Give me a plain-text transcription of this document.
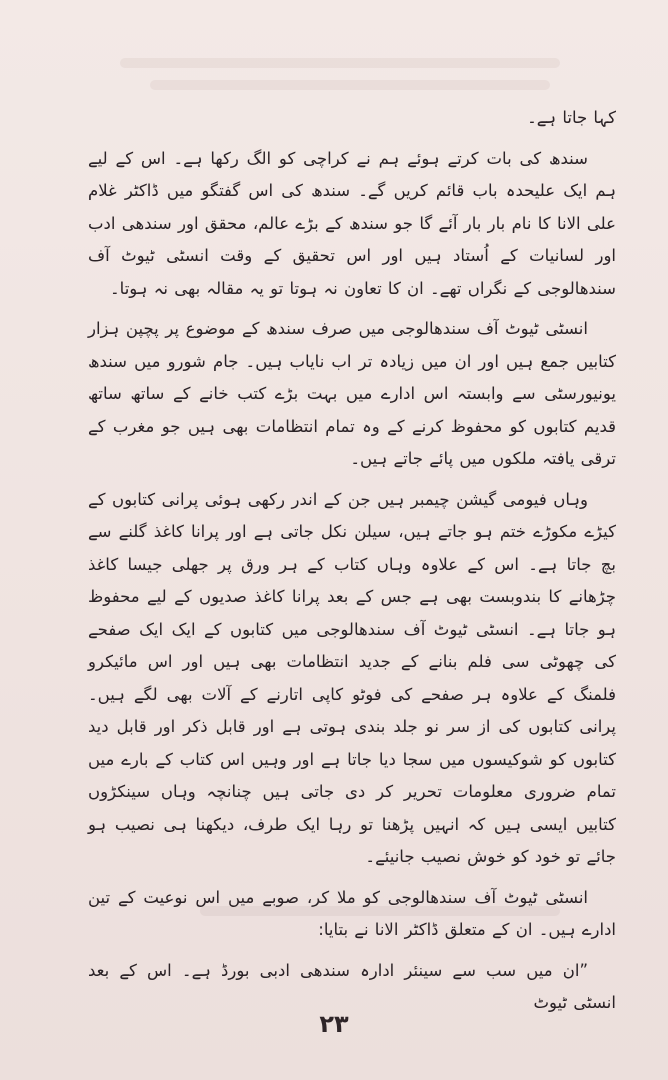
کہا جاتا ہے۔

سندھ کی بات کرتے ہوئے ہم نے کراچی کو الگ رکھا ہے۔ اس کے لیے ہم ایک علیحدہ باب قائم کریں گے۔ سندھ کی اس گفتگو میں ڈاکٹر غلام علی الانا کا نام بار بار آئے گا جو سندھ کے بڑے عالم، محقق اور سندھی ادب اور لسانیات کے اُستاد ہیں اور اس تحقیق کے وقت انسٹی ٹیوٹ آف سندھالوجی کے نگراں تھے۔ ان کا تعاون نہ ہوتا تو یہ مقالہ بھی نہ ہوتا۔

انسٹی ٹیوٹ آف سندھالوجی میں صرف سندھ کے موضوع پر پچپن ہزار کتابیں جمع ہیں اور ان میں زیادہ تر اب نایاب ہیں۔ جام شورو میں سندھ یونیورسٹی سے وابستہ اس ادارے میں بہت بڑے کتب خانے کے ساتھ ساتھ قدیم کتابوں کو محفوظ کرنے کے وہ تمام انتظامات بھی ہیں جو مغرب کے ترقی یافتہ ملکوں میں پائے جاتے ہیں۔

وہاں فیومی گیشن چیمبر ہیں جن کے اندر رکھی ہوئی پرانی کتابوں کے کیڑے مکوڑے ختم ہو جاتے ہیں، سیلن نکل جاتی ہے اور پرانا کاغذ گلنے سے بچ جاتا ہے۔ اس کے علاوہ وہاں کتاب کے ہر ورق پر جھلی جیسا کاغذ چڑھانے کا بندوبست بھی ہے جس کے بعد پرانا کاغذ صدیوں کے لیے محفوظ ہو جاتا ہے۔ انسٹی ٹیوٹ آف سندھالوجی میں کتابوں کے ایک ایک صفحے کی چھوٹی سی فلم بنانے کے جدید انتظامات بھی ہیں اور اس مائیکرو فلمنگ کے علاوہ ہر صفحے کی فوٹو کاپی اتارنے کے آلات بھی لگے ہیں۔ پرانی کتابوں کی از سر نو جلد بندی ہوتی ہے اور قابل ذکر اور قابل دید کتابوں کو شوکیسوں میں سجا دیا جاتا ہے اور وہیں اس کتاب کے بارے میں تمام ضروری معلومات تحریر کر دی جاتی ہیں چنانچہ وہاں سینکڑوں کتابیں ایسی ہیں کہ انہیں پڑھنا تو رہا ایک طرف، دیکھنا ہی نصیب ہو جائے تو خود کو خوش نصیب جانیئے۔

انسٹی ٹیوٹ آف سندھالوجی کو ملا کر، صوبے میں اس نوعیت کے تین ادارے ہیں۔ ان کے متعلق ڈاکٹر الانا نے بتایا:

”ان میں سب سے سینئر ادارہ سندھی ادبی بورڈ ہے۔ اس کے بعد انسٹی ٹیوٹ

۲۳
